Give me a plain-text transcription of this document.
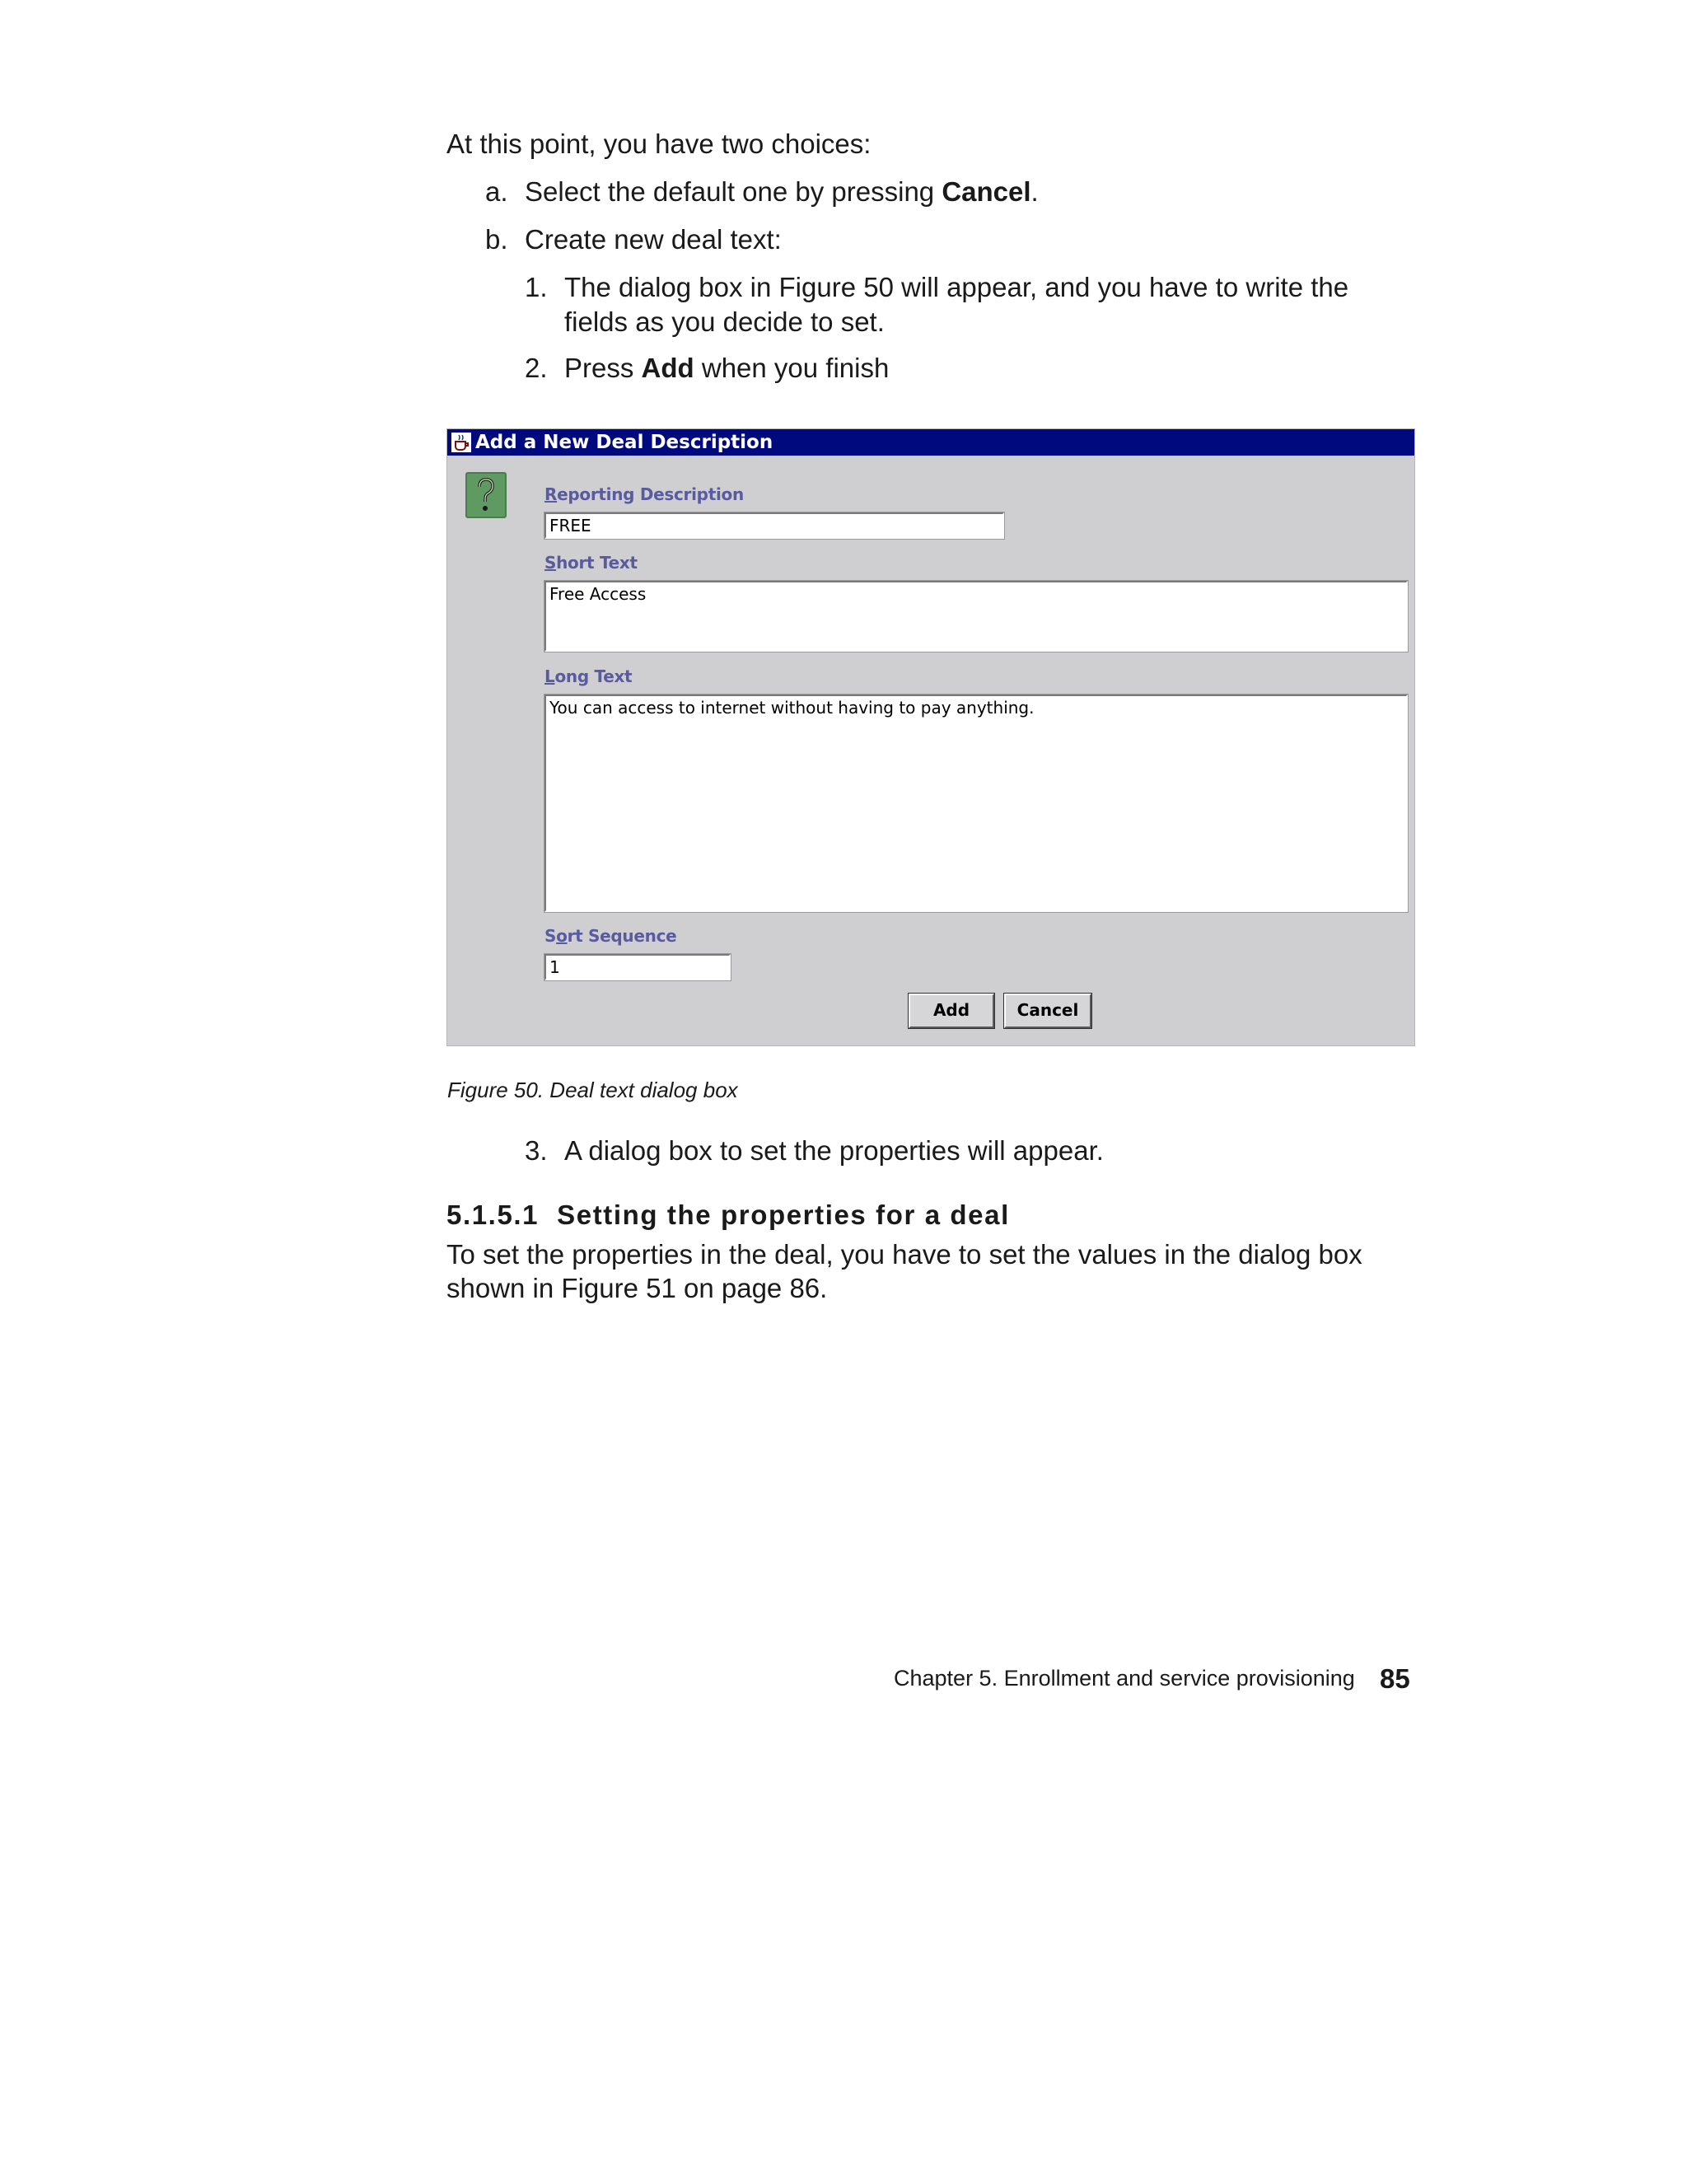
At this point, you have two choices:
a. Select the default one by pressing Cancel.
b. Create new deal text:
1. The dialog box in Figure 50 will appear, and you have to write the
fields as you decide to set.
2. Press Add when you finish
Add a New Deal Description
Reporting Description
FREE
Short Text
Free Access
Long Text
You can access to internet without having to pay anything.
Sort Sequence
1
Add	Cancel
Figure 50. Deal text dialog box
3. A dialog box to set the properties will appear.
5.1.5.1 Setting the properties for a deal
To set the properties in the deal, you have to set the values in the dialog box
shown in Figure 51 on page 86.
Chapter 5. Enrollment and service provisioning 85
